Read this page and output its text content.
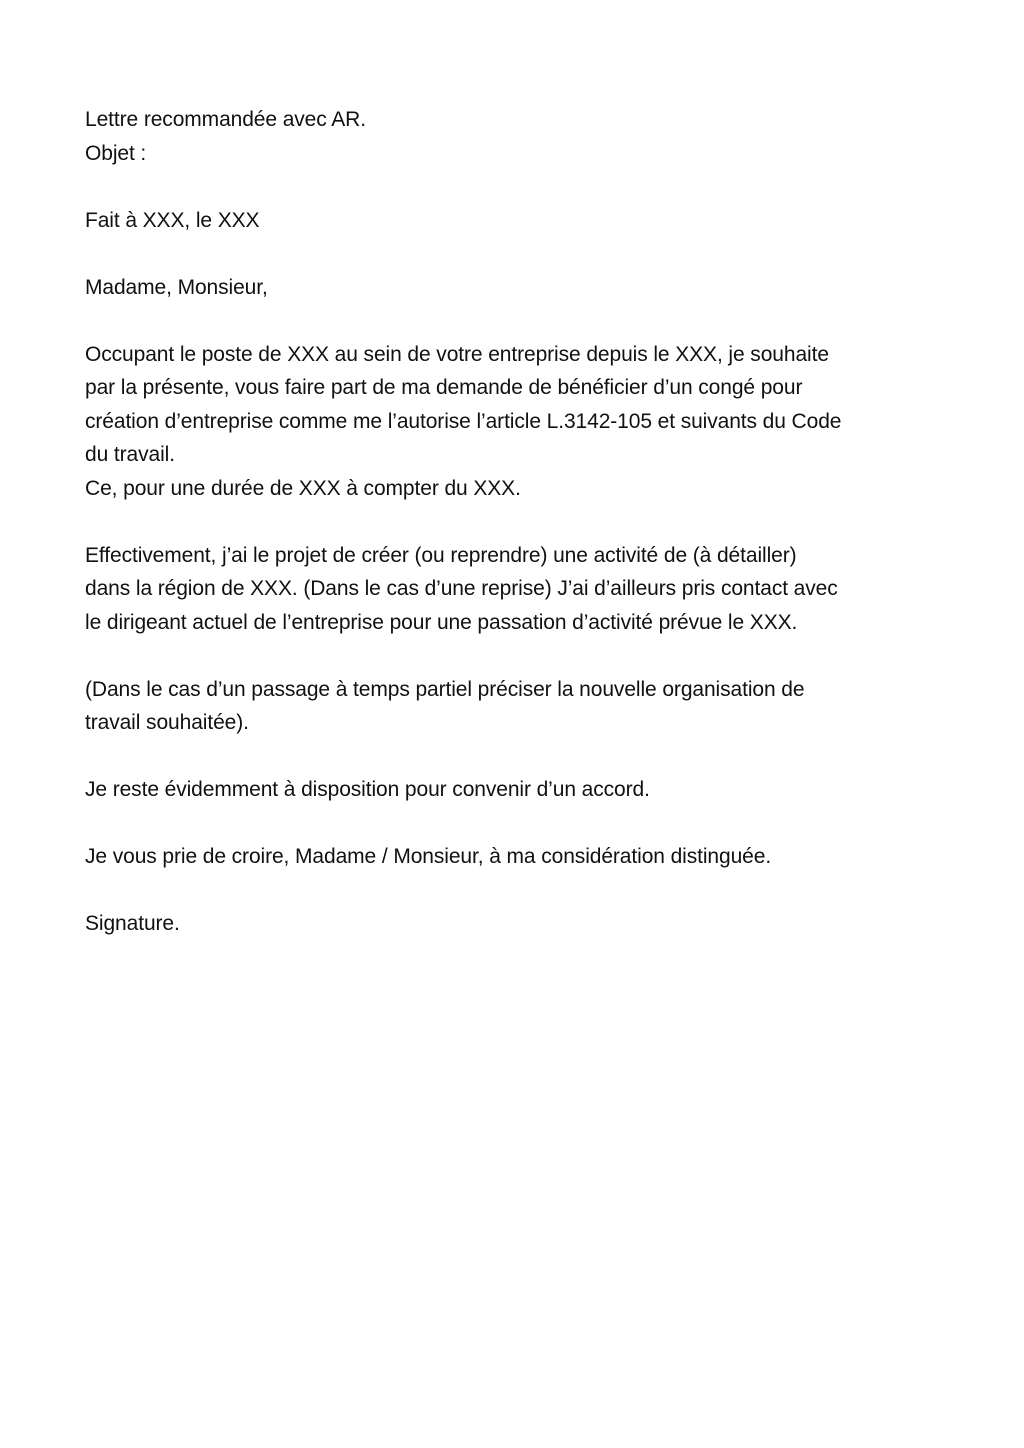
Lettre recommandée avec AR.
Objet :
Fait à XXX, le XXX
Madame, Monsieur,
Occupant le poste de XXX au sein de votre entreprise depuis le XXX, je souhaite
par la présente, vous faire part de ma demande de bénéficier d’un congé pour
création d’entreprise comme me l’autorise l’article L.3142-105 et suivants du Code
du travail.
Ce, pour une durée de XXX à compter du XXX.
Effectivement, j’ai le projet de créer (ou reprendre) une activité de (à détailler)
dans la région de XXX. (Dans le cas d’une reprise) J’ai d’ailleurs pris contact avec
le dirigeant actuel de l’entreprise pour une passation d’activité prévue le XXX.
(Dans le cas d’un passage à temps partiel préciser la nouvelle organisation de
travail souhaitée).
Je reste évidemment à disposition pour convenir d’un accord.
Je vous prie de croire, Madame / Monsieur, à ma considération distinguée.
Signature.
